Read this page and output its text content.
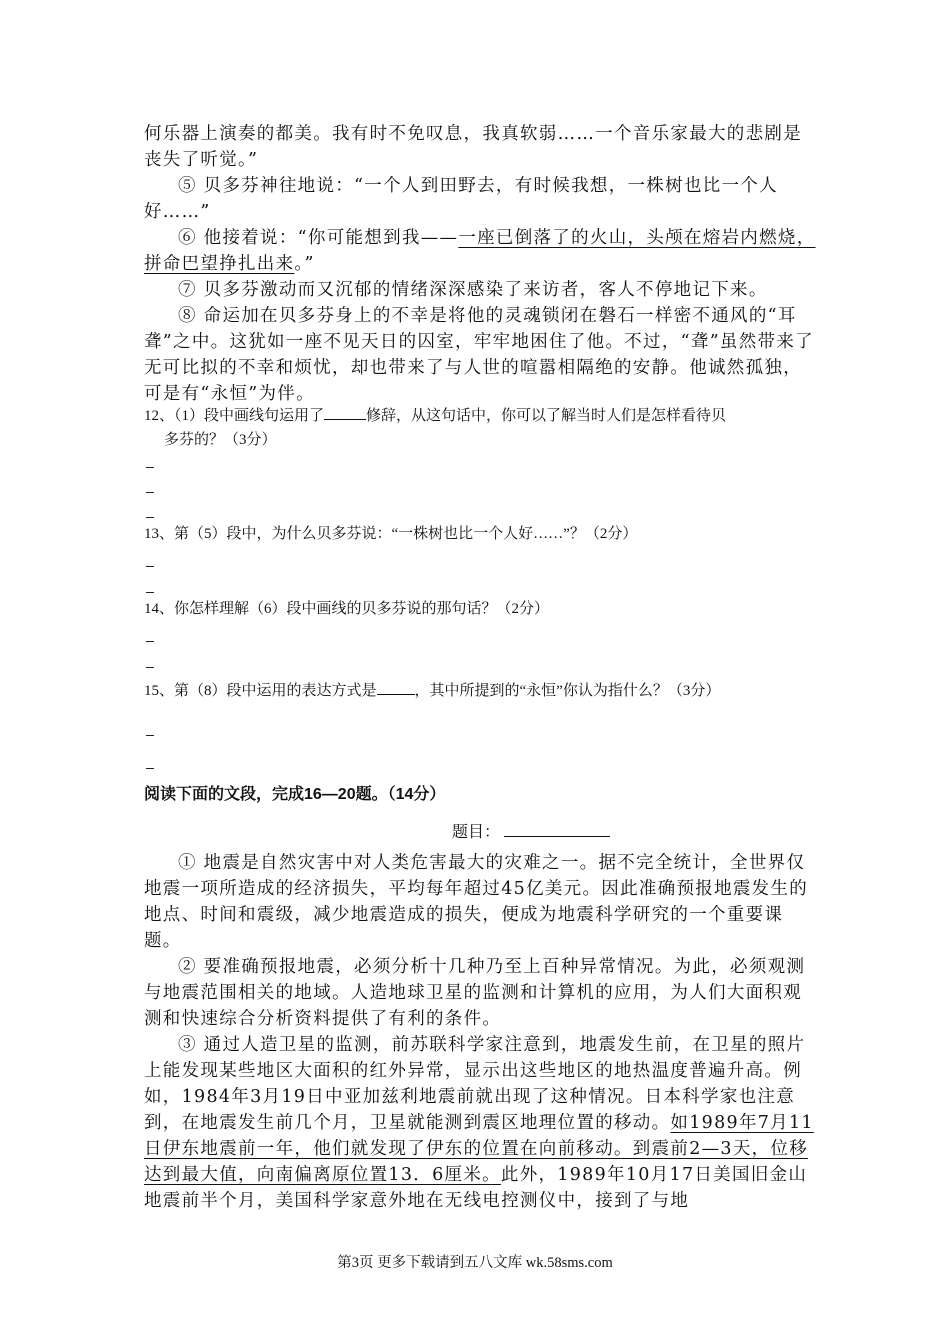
何乐器上演奏的都美。我有时不免叹息，我真软弱……一个音乐家最大的悲剧是丧失了听觉。”

⑤ 贝多芬神往地说：“一个人到田野去，有时候我想，一株树也比一个人好……”

⑥ 他接着说：“你可能想到我——一座已倒落了的火山，头颅在熔岩内燃烧，拼命巴望挣扎出来。”

⑦ 贝多芬激动而又沉郁的情绪深深感染了来访者，客人不停地记下来。

⑧ 命运加在贝多芬身上的不幸是将他的灵魂锁闭在磐石一样密不通风的“耳聋”之中。这犹如一座不见天日的囚室，牢牢地困住了他。不过，“聋”虽然带来了无可比拟的不幸和烦忧，却也带来了与人世的喧嚣相隔绝的安静。他诚然孤独，可是有“永恒”为伴。

12、（1）段中画线句运用了	修辞，从这句话中，你可以了解当时人们是怎样看待贝
多芬的？（3分）

13、第（5）段中，为什么贝多芬说：“一株树也比一个人好……”？（2分）

14、你怎样理解（6）段中画线的贝多芬说的那句话？（2分）

15、第（8）段中运用的表达方式是	，其中所提到的“永恒”你认为指什么？（3分）

阅读下面的文段，完成16—20题。（14分）

题目：

① 地震是自然灾害中对人类危害最大的灾难之一。据不完全统计，全世界仅地震一项所造成的经济损失，平均每年超过45亿美元。因此准确预报地震发生的地点、时间和震级，减少地震造成的损失，便成为地震科学研究的一个重要课题。

② 要准确预报地震，必须分析十几种乃至上百种异常情况。为此，必须观测与地震范围相关的地域。人造地球卫星的监测和计算机的应用，为人们大面积观测和快速综合分析资料提供了有利的条件。

③ 通过人造卫星的监测，前苏联科学家注意到，地震发生前，在卫星的照片上能发现某些地区大面积的红外异常，显示出这些地区的地热温度普遍升高。例如，1984年3月19日中亚加兹利地震前就出现了这种情况。日本科学家也注意到，在地震发生前几个月，卫星就能测到震区地理位置的移动。如1989年7月11日伊东地震前一年，他们就发现了伊东的位置在向前移动。到震前2—3天，位移达到最大值，向南偏离原位置13．6厘米。此外，1989年10月17日美国旧金山地震前半个月，美国科学家意外地在无线电控测仪中，接到了与地

第3页 更多下载请到五八文库 wk.58sms.com
